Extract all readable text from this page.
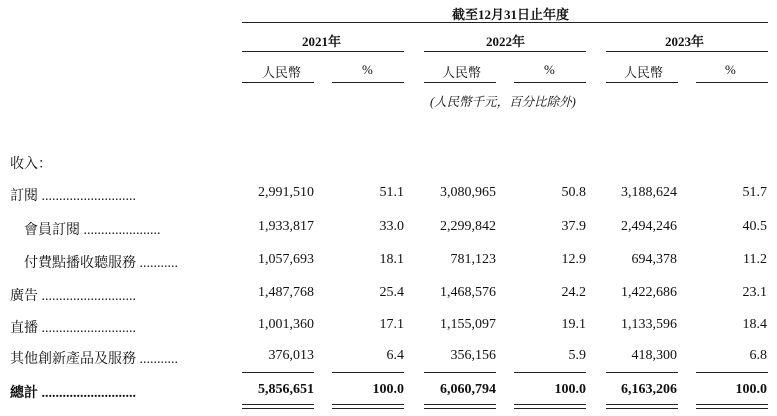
截至12月31日止年度
2021年	2022年	2023年
人民幣	%	人民幣	%	人民幣	%
(人民幣千元，百分比除外)
收入：
訂閱 ...........................	2,991,510	51.1	3,080,965	50.8	3,188,624	51.7
會員訂閱 ......................	1,933,817	33.0	2,299,842	37.9	2,494,246	40.5
付費點播收聽服務 ...........	1,057,693	18.1	781,123	12.9	694,378	11.2
廣告 ...........................	1,487,768	25.4	1,468,576	24.2	1,422,686	23.1
直播 ...........................	1,001,360	17.1	1,155,097	19.1	1,133,596	18.4
其他創新產品及服務 ...........	376,013	6.4	356,156	5.9	418,300	6.8
總計 ...........................	5,856,651	100.0	6,060,794	100.0	6,163,206	100.0
